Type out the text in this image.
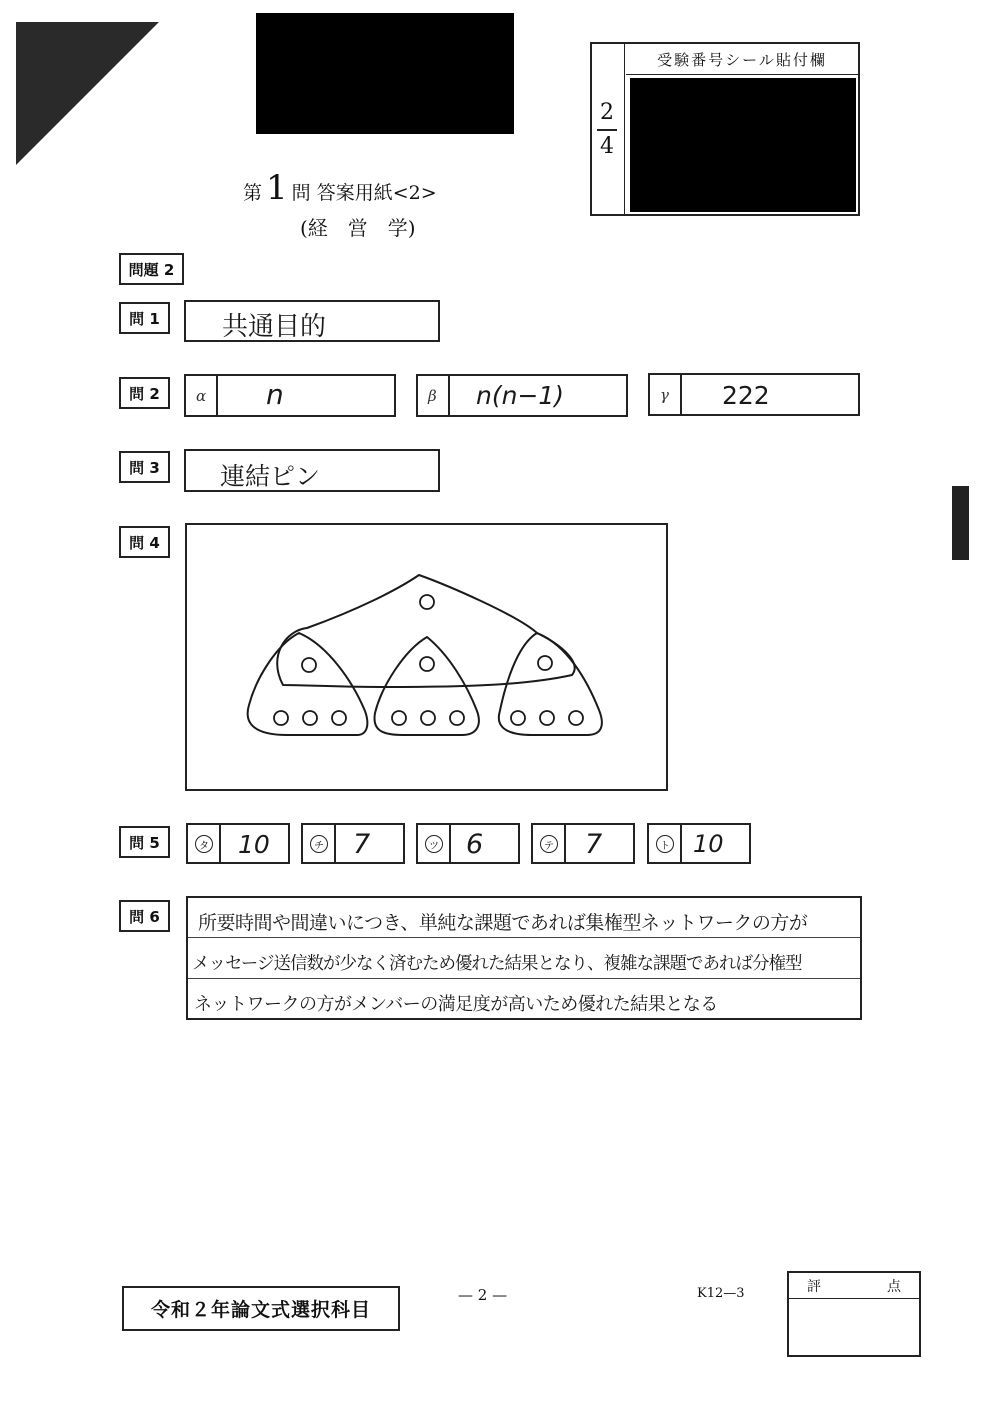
2
4
受験番号シール貼付欄
第 1 問 答案用紙<2>
(経　営　学)
問題 2
問 1	共通目的
問 2	α n	β n(n−1)	γ 222
問 3	連結ピン
問 4
問 5	タ 10	チ 7	ツ 6	テ 7	ト 10
問 6	所要時間や間違いにつき、単純な課題であれば集権型ネットワークの方が
メッセージ送信数が少なく済むため優れた結果となり、複雑な課題であれば分権型
ネットワークの方がメンバーの満足度が高いため優れた結果となる
令和２年論文式選択科目
— 2 —	K12—3	評	点
